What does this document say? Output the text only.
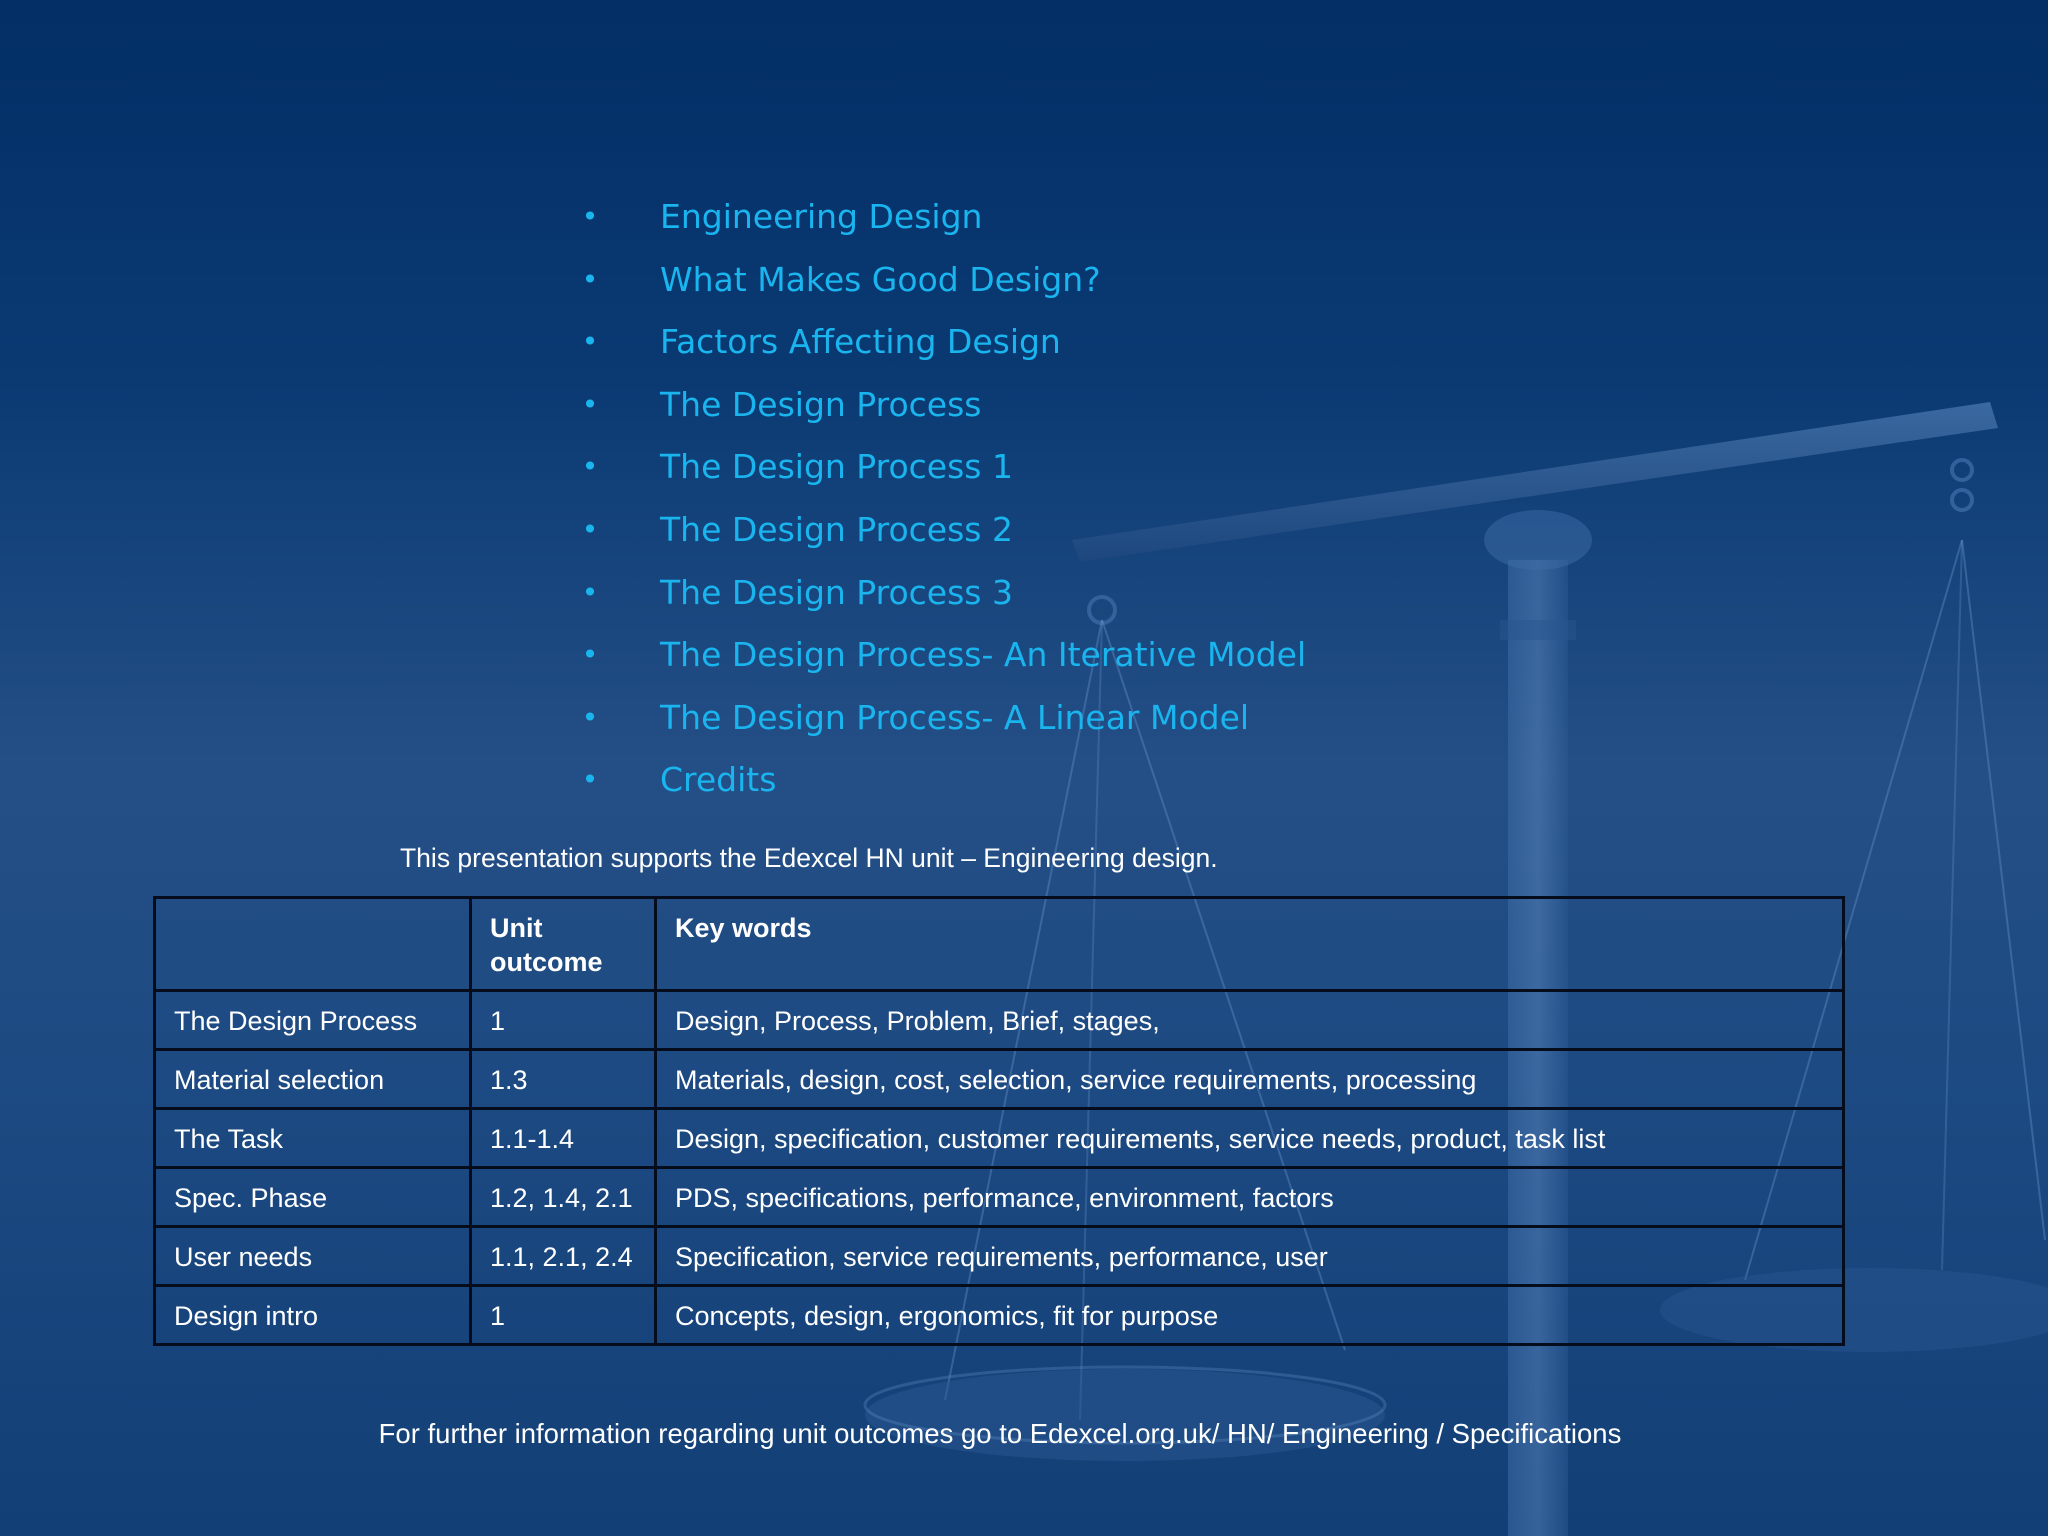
• Engineering Design
• What Makes Good Design?
• Factors Affecting Design
• The Design Process
• The Design Process 1
• The Design Process 2
• The Design Process 3
• The Design Process- An Iterative Model
• The Design Process- A Linear Model
• Credits
This presentation supports the Edexcel HN unit – Engineering design.
	Unit outcome	Key words
The Design Process	1	Design, Process, Problem, Brief, stages,
Material selection	1.3	Materials, design, cost, selection, service requirements, processing
The Task	1.1-1.4	Design, specification, customer requirements, service needs, product, task list
Spec. Phase	1.2, 1.4, 2.1	PDS, specifications, performance, environment, factors
User needs	1.1, 2.1, 2.4	Specification, service requirements, performance, user
Design intro	1	Concepts, design, ergonomics, fit for purpose
For further information regarding unit outcomes go to Edexcel.org.uk/ HN/ Engineering / Specifications
